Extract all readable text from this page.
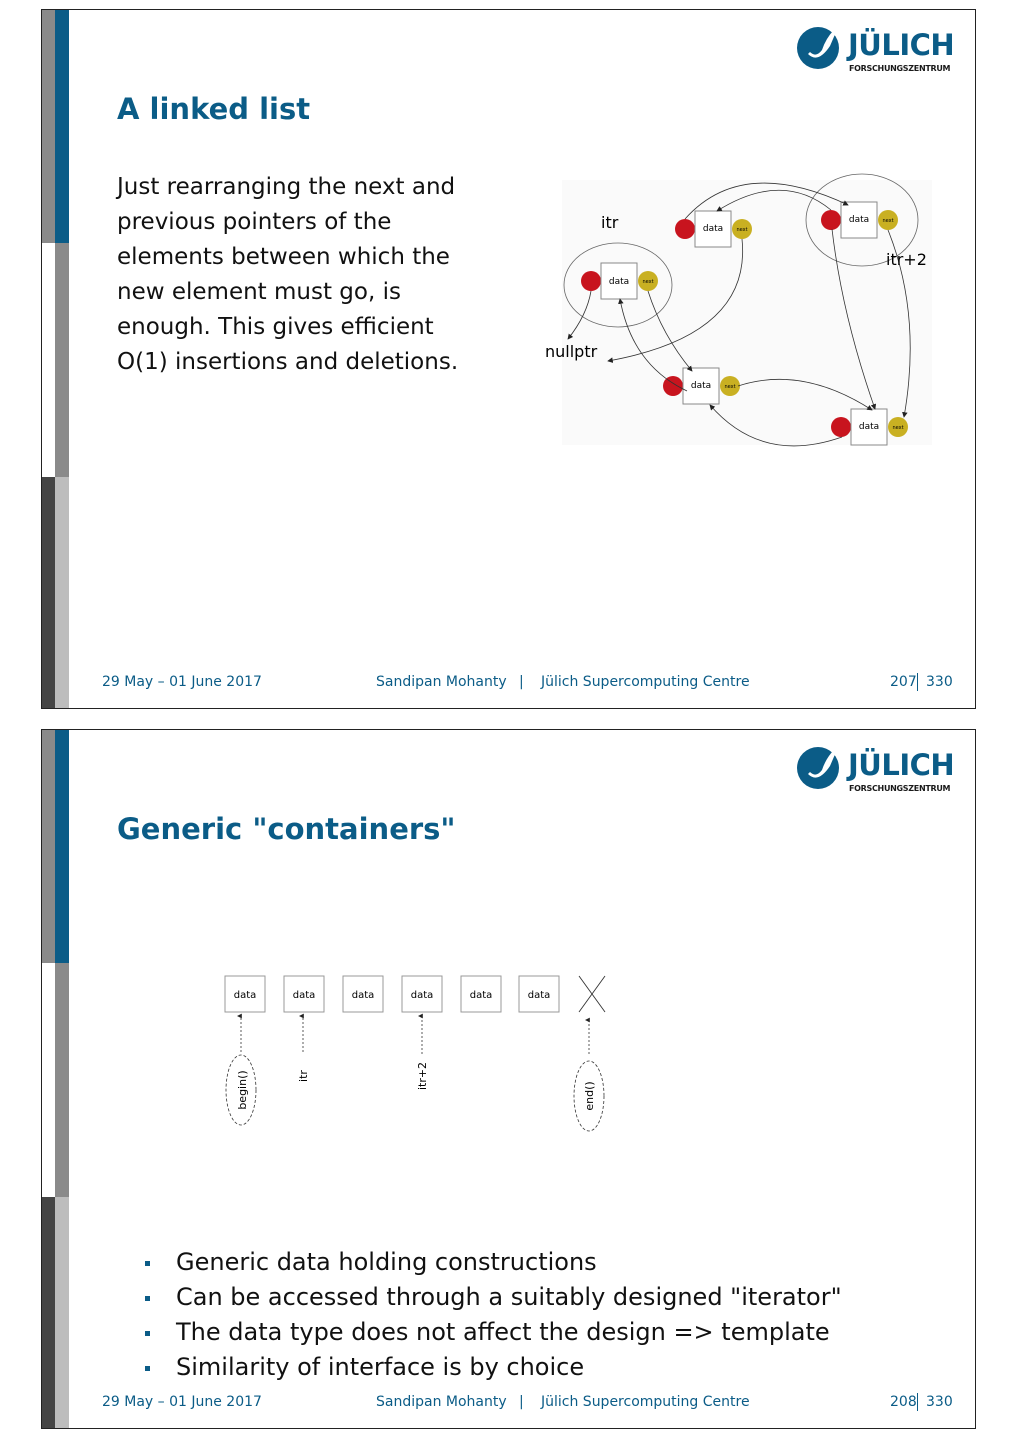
JÜLICH
FORSCHUNGSZENTRUM
A linked list
Just rearranging the next and
previous pointers of the
elements between which the
new element must go, is
enough. This gives efficient
O(1) insertions and deletions.
data	next
data	next
data	next
data	next
data	next
itr
itr+2
nullptr
29 May – 01 June 2017	Sandipan Mohanty | Jülich Supercomputing Centre	207 330
JÜLICH
FORSCHUNGSZENTRUM
Generic "containers"
data	data	data	data	data	data
begin()	itr	itr+2
end()
Generic data holding constructions
Can be accessed through a suitably designed "iterator"
The data type does not affect the design => template
Similarity of interface is by choice
29 May – 01 June 2017	Sandipan Mohanty | Jülich Supercomputing Centre	208 330
